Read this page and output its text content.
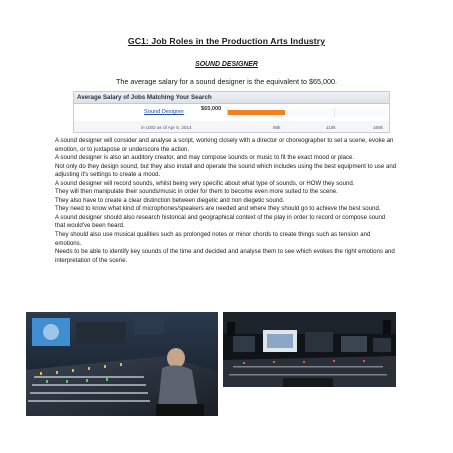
GC1: Job Roles in the Production Arts Industry
SOUND DESIGNER
The average salary for a sound designer is the equivalent to $65,000.
Average Salary of Jobs Matching Your Search
Sound Designer	$65,000
in USD as of Apr 5, 2014	55k	110k	165k

A sound designer will consider and analyse a script, working closely with a director or choreographer to set a scene, evoke an emotion, or to juxtapose or underscore the action.

A sound designer is also an auditory creator, and may compose sounds or music to fit the exact mood or place.

Not only do they design sound, but they also install and operate the sound which includes using the best equipment to use and adjusting it's settings to create a mood.

A sound designer will record sounds, whilst being very specific about what type of sounds, or HOW they sound.

They will then manipulate their sounds/music in order for them to become even more suited to the scene.

They also have to create a clear distinction between diegetic and non diegetic sound.

They need to know what kind of microphones/speakers are needed and where they should go to achieve the best sound.

A sound designer should also research historical and geographical context of the play in order to record or compose sound that would've been heard.

They should also use musical qualities such as prolonged notes or minor chords to create things such as tension and emotions.

Needs to be able to identify key sounds of the time and decided and analyse them to see which evokes the right emotions and interpretation of the scene.
